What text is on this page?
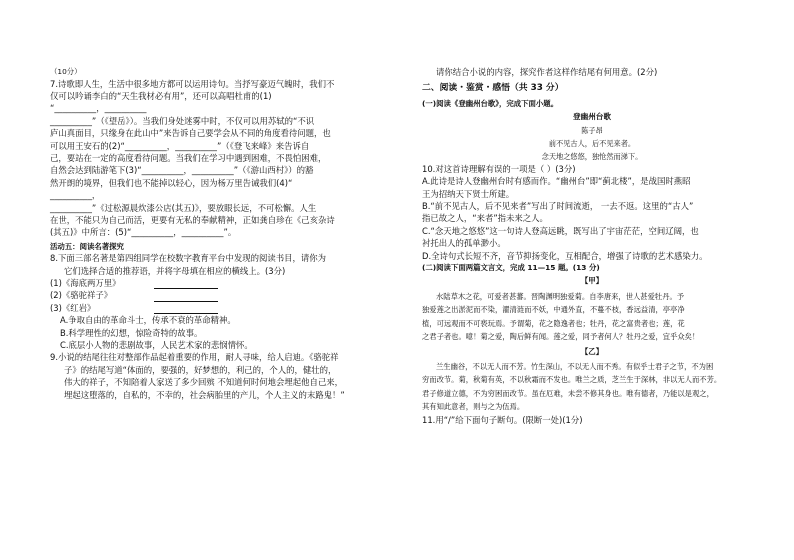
（10分）

7.诗歌即人生，生活中很多地方都可以运用诗句。当抒写豪迈气魄时，我们不

仅可以吟诵李白的“天生我材必有用”，还可以高唱杜甫的(1)

“__________，__________

__________”（《望岳》）。当我们身处迷雾中时，不仅可以用苏轼的“不识

庐山真面目，只缘身在此山中”来告诉自己要学会从不同的角度看待问题，也

可以用王安石的(2)“__________，__________”（《登飞来峰》来告诉自

己，要站在一定的高度看待问题。当我们在学习中遇到困难，不畏怕困难，

自然会达到陆游笔下(3)“__________，__________”（《游山西村》）的豁

然开朗的境界，但我们也不能掉以轻心，因为杨万里告诫我们(4)“

__________，

__________”《过松源晨炊漆公店(其五)》，要放眼长远，不可松懈。人生

在世，不能只为自己而活，更要有无私的奉献精神，正如龚自珍在《己亥杂诗

(其五)》中所言：(5)“__________，__________”。

活动五：阅读名著探究

8.下面三部名著是第四组同学在校数字教育平台中发现的阅读书目，请你为

它们选择合适的推荐语，并将字母填在相应的横线上。(3分)

(1)《海底两万里》
(2)《骆驼祥子》
(3)《红岩》

A.争取自由的革命斗士，传承不衰的革命精神。

B.科学理性的幻想，惊险奇特的故事。

C.底层小人物的悲剧故事，人民艺术家的悲悯情怀。

9.小说的结尾往往对整部作品起着重要的作用，耐人寻味，给人启迪。《骆驼祥

子》的结尾写道“体面的，要强的，好梦想的，利己的，个人的，健壮的，

伟大的祥子，不知陪着人家送了多少回殡 不知道何时何地会埋起他自己来，

埋起这堕落的，自私的，不幸的，社会病胎里的产儿，个人主义的末路鬼！”

请你结合小说的内容，探究作者这样作结尾有何用意。(2分)

二、阅读・鉴赏・感悟（共 33 分）

(一)阅读《登幽州台歌》，完成下面小题。

登幽州台歌

陈子昂

前不见古人，后不见来者。

念天地之悠悠，独怆然而涕下。

10.对这首诗理解有误的一项是（ ）(3分)

A.此诗是诗人登幽州台时有感而作。“幽州台”即“蓟北楼”，是战国时燕昭

王为招纳天下贤士所建。

B.“前不见古人，后不见来者”写出了时间流逝， 一去不返。这里的“古人”

指已故之人，“来者”指未来之人。

C.“念天地之悠悠”这一句诗人登高远眺，既写出了宇宙茫茫，空间辽阔，也

衬托出人的孤单渺小。

D.全诗句式长短不齐，音节抑扬变化，互相配合，增强了诗歌的艺术感染力。

(二)阅读下面两篇文言文，完成 11—15 题。(13 分)

【甲】

水陆草木之花，可爱者甚蕃。晋陶渊明独爱菊。自李唐来，世人甚爱牡丹。予

独爱莲之出淤泥而不染，濯清涟而不妖，中通外直，不蔓不枝，香远益清，亭亭净

植，可远观而不可亵玩焉。予谓菊，花之隐逸者也；牡丹，花之富贵者也；莲，花

之君子者也。噫！菊之爱，陶后鲜有闻。莲之爱，同予者何人？牡丹之爱，宜乎众矣！

【乙】

兰生幽谷，不以无人而不芳。竹生深山，不以无人而不秀。有似乎士君子之节，不为困

穷而改节。菊，秋菊有英，不以秋霜而不发也。唯兰之质，芝兰生于深林，非以无人而不芳。

君子修道立德，不为穷困而改节。虽在厄难，未尝不修其身也。唯有德者，乃能以是观之，

其有知此意者，则与之为伍焉。

11.用“/”给下面句子断句。(限断一处)(1分)
